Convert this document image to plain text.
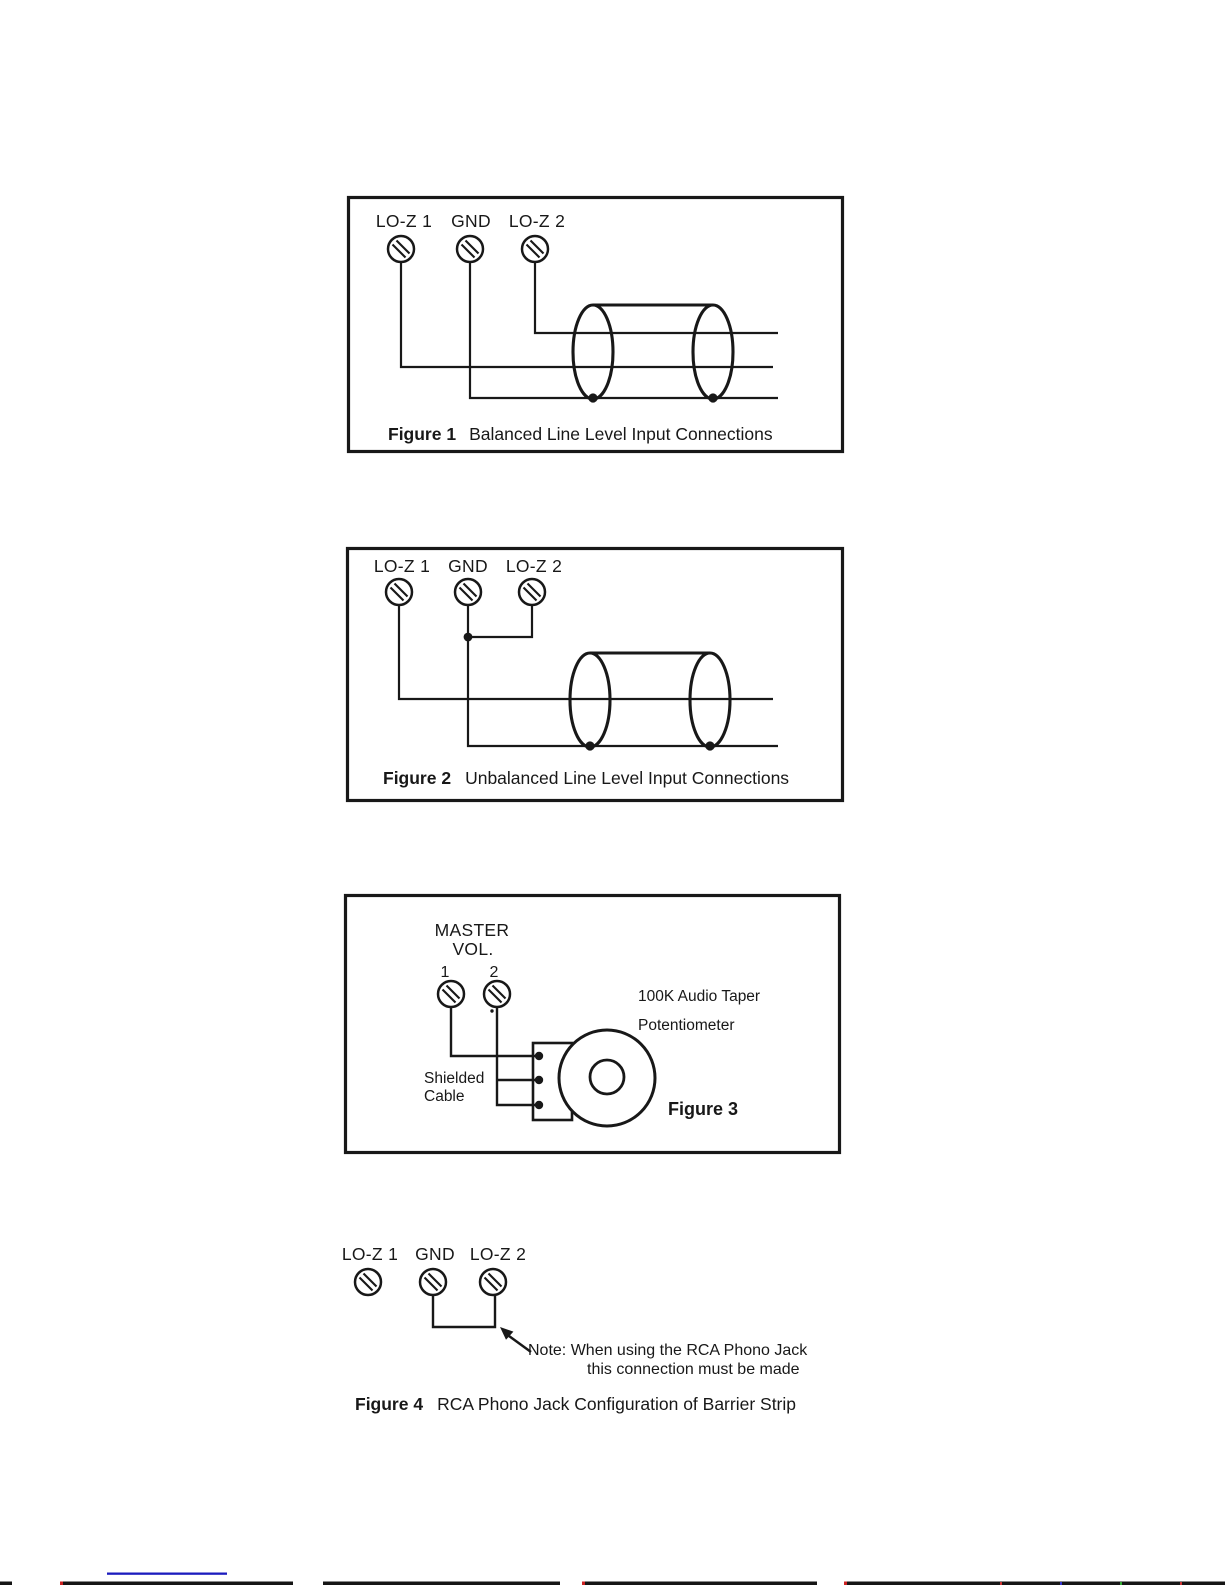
LO-Z 1 GND LO-Z 2
Figure 1 Balanced Line Level Input Connections
LO-Z 1 GND LO-Z 2
Figure 2 Unbalanced Line Level Input Connections
MASTER
VOL.
1	2
100K Audio Taper
Potentiometer
Shielded
Cable
Figure 3
LO-Z 1 GND LO-Z 2
Note: When using the RCA Phono Jack
this connection must be made
Figure 4 RCA Phono Jack Configuration of Barrier Strip
